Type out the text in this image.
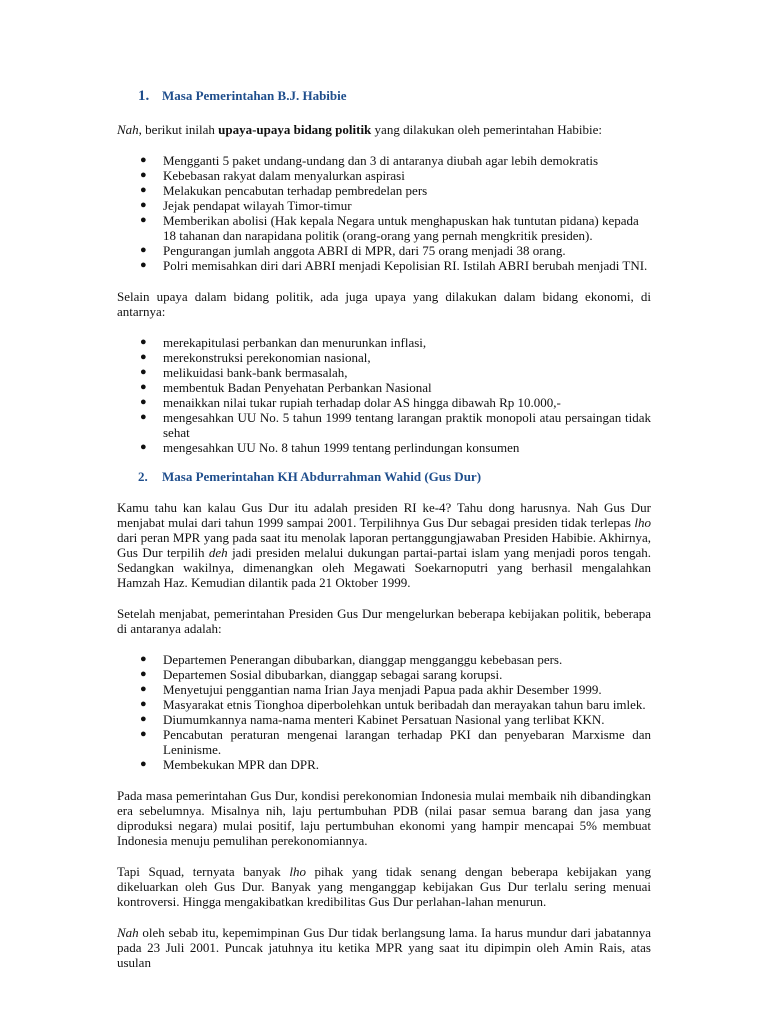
1. Masa Pemerintahan B.J. Habibie

Nah, berikut inilah upaya-upaya bidang politik yang dilakukan oleh pemerintahan Habibie:

● Mengganti 5 paket undang-undang dan 3 di antaranya diubah agar lebih demokratis
● Kebebasan rakyat dalam menyalurkan aspirasi
● Melakukan pencabutan terhadap pembredelan pers
● Jejak pendapat wilayah Timor-timur
● Memberikan abolisi (Hak kepala Negara untuk menghapuskan hak tuntutan pidana) kepada 18 tahanan dan narapidana politik (orang-orang yang pernah mengkritik presiden).
● Pengurangan jumlah anggota ABRI di MPR, dari 75 orang menjadi 38 orang.
● Polri memisahkan diri dari ABRI menjadi Kepolisian RI. Istilah ABRI berubah menjadi TNI.

Selain upaya dalam bidang politik, ada juga upaya yang dilakukan dalam bidang ekonomi, di antarnya:

● merekapitulasi perbankan dan menurunkan inflasi,
● merekonstruksi perekonomian nasional,
● melikuidasi bank-bank bermasalah,
● membentuk Badan Penyehatan Perbankan Nasional
● menaikkan nilai tukar rupiah terhadap dolar AS hingga dibawah Rp 10.000,-
● mengesahkan UU No. 5 tahun 1999 tentang larangan praktik monopoli atau persaingan tidak sehat
● mengesahkan UU No. 8 tahun 1999 tentang perlindungan konsumen
2.	Masa Pemerintahan KH Abdurrahman Wahid (Gus Dur)

Kamu tahu kan kalau Gus Dur itu adalah presiden RI ke-4? Tahu dong harusnya. Nah Gus Dur menjabat mulai dari tahun 1999 sampai 2001. Terpilihnya Gus Dur sebagai presiden tidak terlepas lho dari peran MPR yang pada saat itu menolak laporan pertanggungjawaban Presiden Habibie. Akhirnya, Gus Dur terpilih deh jadi presiden melalui dukungan partai-partai islam yang menjadi poros tengah. Sedangkan wakilnya, dimenangkan oleh Megawati Soekarnoputri yang berhasil mengalahkan Hamzah Haz. Kemudian dilantik pada 21 Oktober 1999.

Setelah menjabat, pemerintahan Presiden Gus Dur mengelurkan beberapa kebijakan politik, beberapa di antaranya adalah:

● Departemen Penerangan dibubarkan, dianggap mengganggu kebebasan pers.
● Departemen Sosial dibubarkan, dianggap sebagai sarang korupsi.
● Menyetujui penggantian nama Irian Jaya menjadi Papua pada akhir Desember 1999.
● Masyarakat etnis Tionghoa diperbolehkan untuk beribadah dan merayakan tahun baru imlek.
● Diumumkannya nama-nama menteri Kabinet Persatuan Nasional yang terlibat KKN.
● Pencabutan peraturan mengenai larangan terhadap PKI dan penyebaran Marxisme dan Leninisme.
● Membekukan MPR dan DPR.

Pada masa pemerintahan Gus Dur, kondisi perekonomian Indonesia mulai membaik nih dibandingkan era sebelumnya. Misalnya nih, laju pertumbuhan PDB (nilai pasar semua barang dan jasa yang diproduksi negara) mulai positif, laju pertumbuhan ekonomi yang hampir mencapai 5% membuat Indonesia menuju pemulihan perekonomiannya.

Tapi Squad, ternyata banyak lho pihak yang tidak senang dengan beberapa kebijakan yang dikeluarkan oleh Gus Dur. Banyak yang menganggap kebijakan Gus Dur terlalu sering menuai kontroversi. Hingga mengakibatkan kredibilitas Gus Dur perlahan-lahan menurun.

Nah oleh sebab itu, kepemimpinan Gus Dur tidak berlangsung lama. Ia harus mundur dari jabatannya pada 23 Juli 2001. Puncak jatuhnya itu ketika MPR yang saat itu dipimpin oleh Amin Rais, atas usulan
